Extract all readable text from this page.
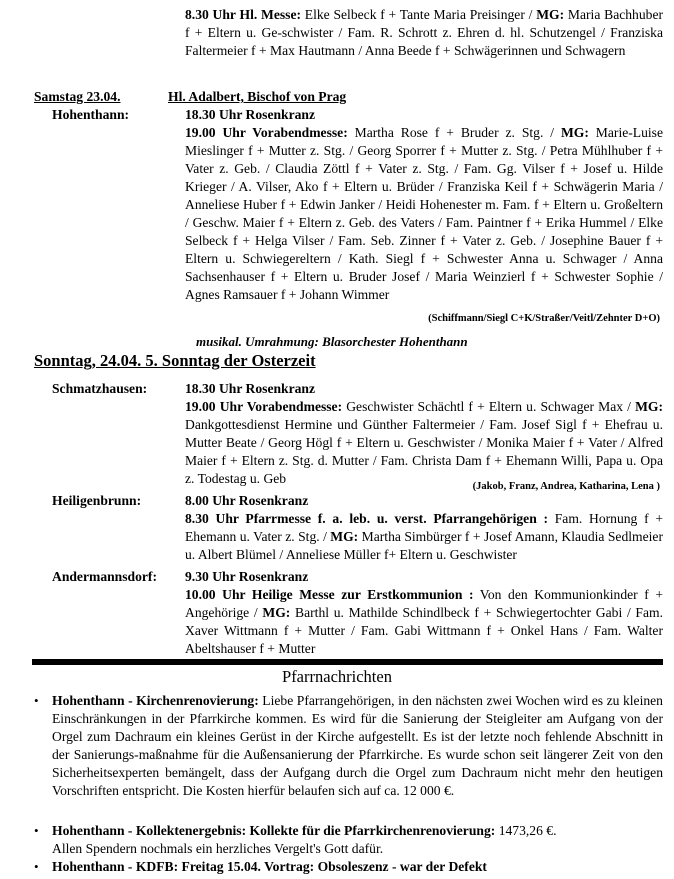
8.30 Uhr Hl. Messe: Elke Selbeck f + Tante Maria Preisinger / MG: Maria Bachhuber f + Eltern u. Ge-schwister / Fam. R. Schrott z. Ehren d. hl. Schutzengel / Franziska Faltermeier f + Max Hautmann / Anna Beede f + Schwägerinnen und Schwagern
Samstag 23.04.	Hl. Adalbert, Bischof von Prag
Hohenthann:	18.30 Uhr Rosenkranz
19.00 Uhr Vorabendmesse: Martha Rose f + Bruder z. Stg. / MG: Marie-Luise Mieslinger f + Mutter z. Stg. / Georg Sporrer f + Mutter z. Stg. / Petra Mühlhuber f + Vater z. Geb. / Claudia Zöttl f + Vater z. Stg. / Fam. Gg. Vilser f + Josef u. Hilde Krieger / A. Vilser, Ako f + Eltern u. Brüder / Franziska Keil f + Schwägerin Maria / Anneliese Huber f + Edwin Janker / Heidi Hohenester m. Fam. f + Eltern u. Großeltern / Geschw. Maier f + Eltern z. Geb. des Vaters / Fam. Paintner f + Erika Hummel / Elke Selbeck f + Helga Vilser / Fam. Seb. Zinner f + Vater z. Geb. / Josephine Bauer f + Eltern u. Schwiegereltern / Kath. Siegl f + Schwester Anna u. Schwager / Anna Sachsenhauser f + Eltern u. Bruder Josef / Maria Weinzierl f + Schwester Sophie / Agnes Ramsauer f + Johann Wimmer
(Schiffmann/Siegl C+K/Straßer/Veitl/Zehnter D+O)
musikal. Umrahmung: Blasorchester Hohenthann
Sonntag, 24.04. 5. Sonntag der Osterzeit
Schmatzhausen:	18.30 Uhr Rosenkranz
19.00 Uhr Vorabendmesse: Geschwister Schächtl f + Eltern u. Schwager Max / MG: Dankgottesdienst Hermine und Günther Faltermeier / Fam. Josef Sigl f + Ehefrau u. Mutter Beate / Georg Högl f + Eltern u. Geschwister / Monika Maier f + Vater / Alfred Maier f + Eltern z. Stg. d. Mutter / Fam. Christa Dam f + Ehemann Willi, Papa u. Opa z. Todestag u. Geb
(Jakob, Franz, Andrea, Katharina, Lena )
Heiligenbrunn:	8.00 Uhr Rosenkranz
8.30 Uhr Pfarrmesse f. a. leb. u. verst. Pfarrangehörigen : Fam. Hornung f + Ehemann u. Vater z. Stg. / MG: Martha Simbürger f + Josef Amann, Klaudia Sedlmeier u. Albert Blümel / Anneliese Müller f+ Eltern u. Geschwister
Andermannsdorf: 9.30 Uhr Rosenkranz
10.00 Uhr Heilige Messe zur Erstkommunion : Von den Kommunionkinder f + Angehörige / MG: Barthl u. Mathilde Schindlbeck f + Schwiegertochter Gabi / Fam. Xaver Wittmann f + Mutter / Fam. Gabi Wittmann f + Onkel Hans / Fam. Walter Abeltshauser f + Mutter
Pfarrnachrichten
• Hohenthann - Kirchenrenovierung: Liebe Pfarrangehörigen, in den nächsten zwei Wochen wird es zu kleinen Einschränkungen in der Pfarrkirche kommen. Es wird für die Sanierung der Steigleiter am Aufgang von der Orgel zum Dachraum ein kleines Gerüst in der Kirche aufgestellt. Es ist der letzte noch fehlende Abschnitt in der Sanierungs-maßnahme für die Außensanierung der Pfarrkirche. Es wurde schon seit längerer Zeit von den Sicherheitsexperten bemängelt, dass der Aufgang durch die Orgel zum Dachraum nicht mehr den heutigen Vorschriften entspricht. Die Kosten hierfür belaufen sich auf ca. 12 000 €.
• Hohenthann - Kollektenergebnis: Kollekte für die Pfarrkirchenrenovierung: 1473,26 €.
Allen Spendern nochmals ein herzliches Vergelt's Gott dafür.
• Hohenthann - KDFB: Freitag 15.04. Vortrag: Obsoleszenz - war der Defekt
